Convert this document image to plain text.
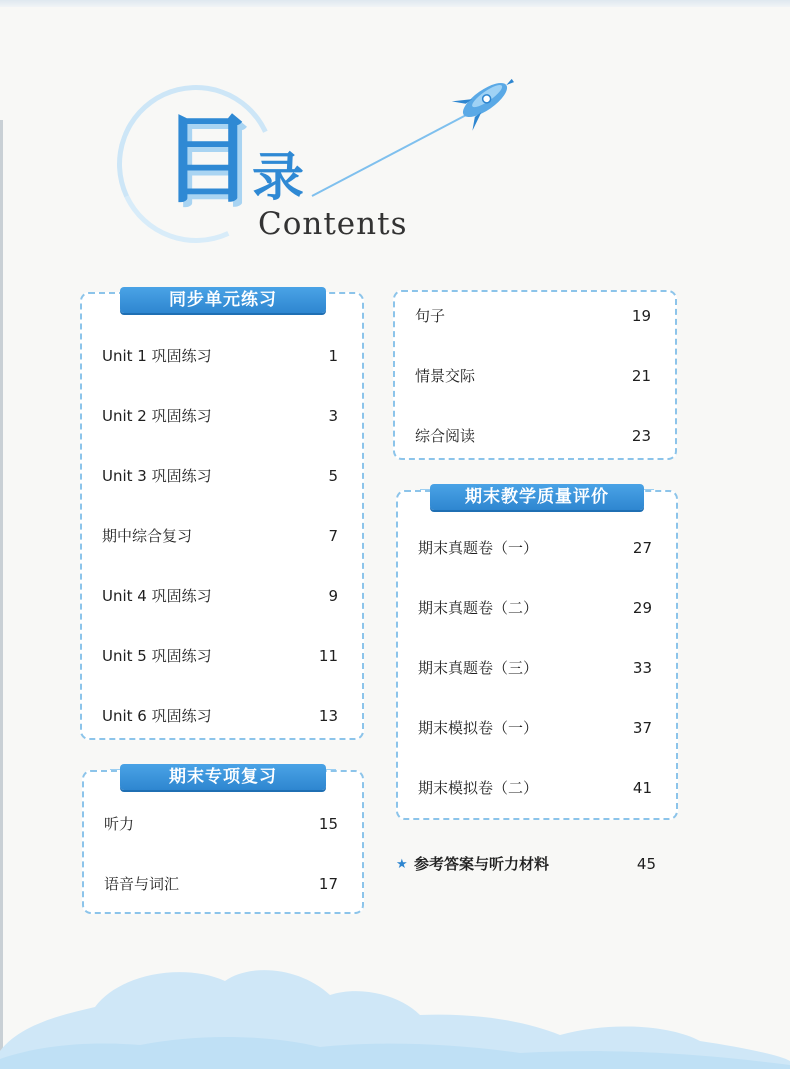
目
录
Contents
Unit 1 巩固练习	1
Unit 2 巩固练习	3
Unit 3 巩固练习	5
期中综合复习	7
Unit 4 巩固练习	9
Unit 5 巩固练习	11
Unit 6 巩固练习	13
同步单元练习
听力	15
语音与词汇	17
期末专项复习
句子	19
情景交际	21
综合阅读	23
期末真题卷（一）	27
期末真题卷（二）	29
期末真题卷（三）	33
期末模拟卷（一）	37
期末模拟卷（二）	41
期末教学质量评价
★ 参考答案与听力材料	45
